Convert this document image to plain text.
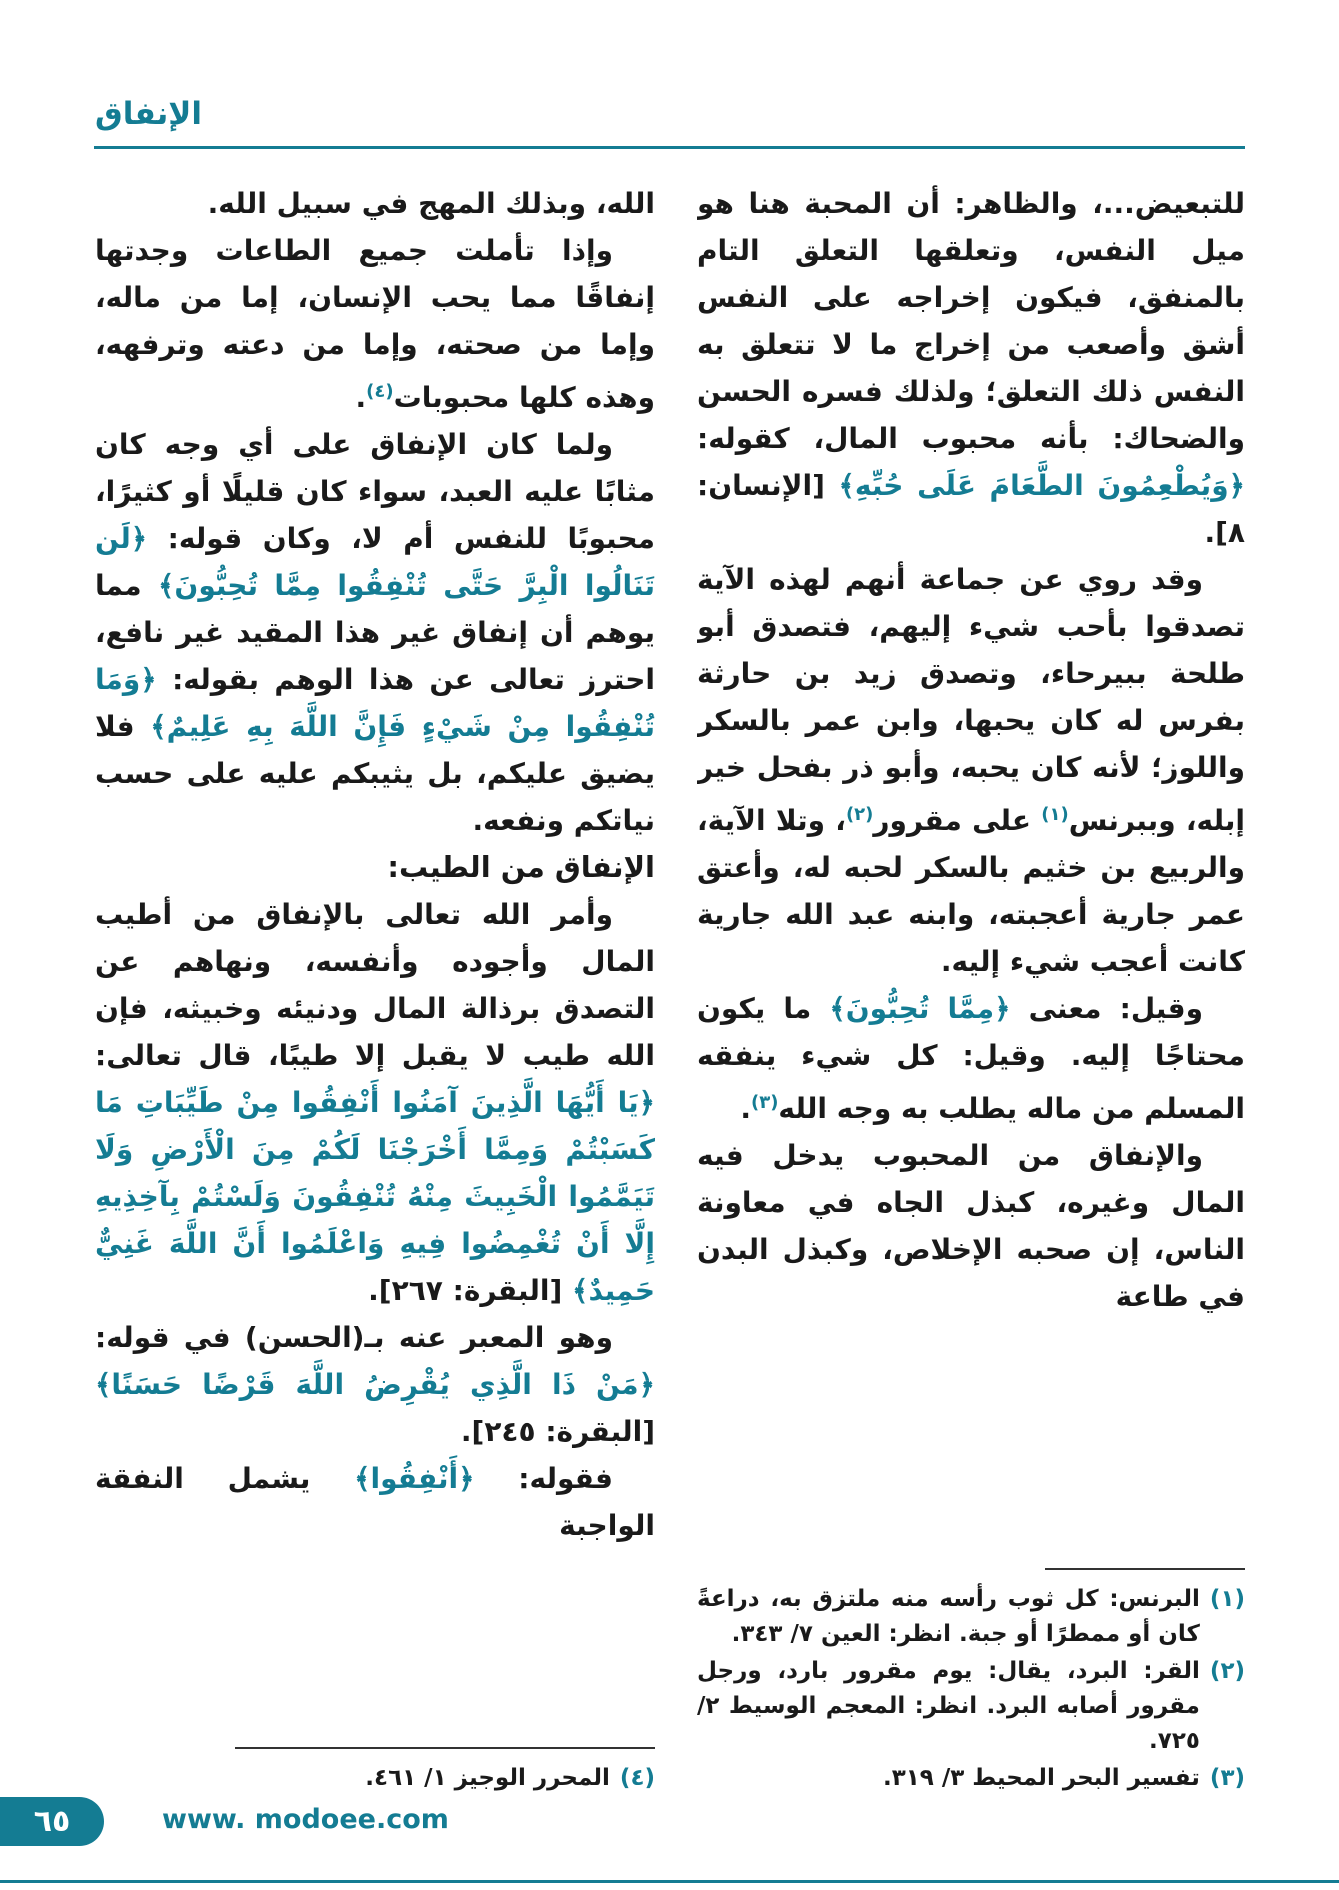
الإنفاق

للتبعيض...، والظاهر: أن المحبة هنا هو ميل النفس، وتعلقها التعلق التام بالمنفق، فيكون إخراجه على النفس أشق وأصعب من إخراج ما لا تتعلق به النفس ذلك التعلق؛ ولذلك فسره الحسن والضحاك: بأنه محبوب المال، كقوله: ﴿وَيُطْعِمُونَ الطَّعَامَ عَلَى حُبِّهِ﴾ [الإنسان: ٨].

وقد روي عن جماعة أنهم لهذه الآية تصدقوا بأحب شيء إليهم، فتصدق أبو طلحة ببيرحاء، وتصدق زيد بن حارثة بفرس له كان يحبها، وابن عمر بالسكر واللوز؛ لأنه كان يحبه، وأبو ذر بفحل خير إبله، وببرنس$^{(١)}$ على مقرور$^{(٢)}$، وتلا الآية، والربيع بن خثيم بالسكر لحبه له، وأعتق عمر جارية أعجبته، وابنه عبد الله جارية كانت أعجب شيء إليه.

وقيل: معنى ﴿مِمَّا تُحِبُّونَ﴾ ما يكون محتاجًا إليه. وقيل: كل شيء ينفقه المسلم من ماله يطلب به وجه الله$^{(٣)}$.

والإنفاق من المحبوب يدخل فيه المال وغيره، كبذل الجاه في معاونة الناس، إن صحبه الإخلاص، وكبذل البدن في طاعة

(١)
البرنس: كل ثوب رأسه منه ملتزق به، دراعةً كان أو ممطرًا أو جبة. انظر: العين ٧/ ٣٤٣.
(٢)
القر: البرد، يقال: يوم مقرور بارد، ورجل مقرور أصابه البرد. انظر: المعجم الوسيط ٢/ ٧٢٥.
(٣)
تفسير البحر المحيط ٣/ ٣١٩.

الله، وبذلك المهج في سبيل الله.

وإذا تأملت جميع الطاعات وجدتها إنفاقًا مما يحب الإنسان، إما من ماله، وإما من صحته، وإما من دعته وترفهه، وهذه كلها محبوبات$^{(٤)}$.

ولما كان الإنفاق على أي وجه كان مثابًا عليه العبد، سواء كان قليلًا أو كثيرًا، محبوبًا للنفس أم لا، وكان قوله: ﴿لَن تَنَالُوا الْبِرَّ حَتَّى تُنْفِقُوا مِمَّا تُحِبُّونَ﴾ مما يوهم أن إنفاق غير هذا المقيد غير نافع، احترز تعالى عن هذا الوهم بقوله: ﴿وَمَا تُنْفِقُوا مِنْ شَيْءٍ فَإِنَّ اللَّهَ بِهِ عَلِيمٌ﴾ فلا يضيق عليكم، بل يثيبكم عليه على حسب نياتكم ونفعه.

الإنفاق من الطيب:

وأمر الله تعالى بالإنفاق من أطيب المال وأجوده وأنفسه، ونهاهم عن التصدق برذالة المال ودنيئه وخبيثه، فإن الله طيب لا يقبل إلا طيبًا، قال تعالى: ﴿يَا أَيُّهَا الَّذِينَ آمَنُوا أَنْفِقُوا مِنْ طَيِّبَاتِ مَا كَسَبْتُمْ وَمِمَّا أَخْرَجْنَا لَكُمْ مِنَ الْأَرْضِ وَلَا تَيَمَّمُوا الْخَبِيثَ مِنْهُ تُنْفِقُونَ وَلَسْتُمْ بِآخِذِيهِ إِلَّا أَنْ تُغْمِضُوا فِيهِ وَاعْلَمُوا أَنَّ اللَّهَ غَنِيٌّ حَمِيدٌ﴾ [البقرة: ٢٦٧].

وهو المعبر عنه بـ(الحسن) في قوله: ﴿مَنْ ذَا الَّذِي يُقْرِضُ اللَّهَ قَرْضًا حَسَنًا﴾ [البقرة: ٢٤٥].

فقوله: ﴿أَنْفِقُوا﴾ يشمل النفقة الواجبة

(٤)
المحرر الوجيز ١/ ٤٦١.
٦٥	www. modoee.com
